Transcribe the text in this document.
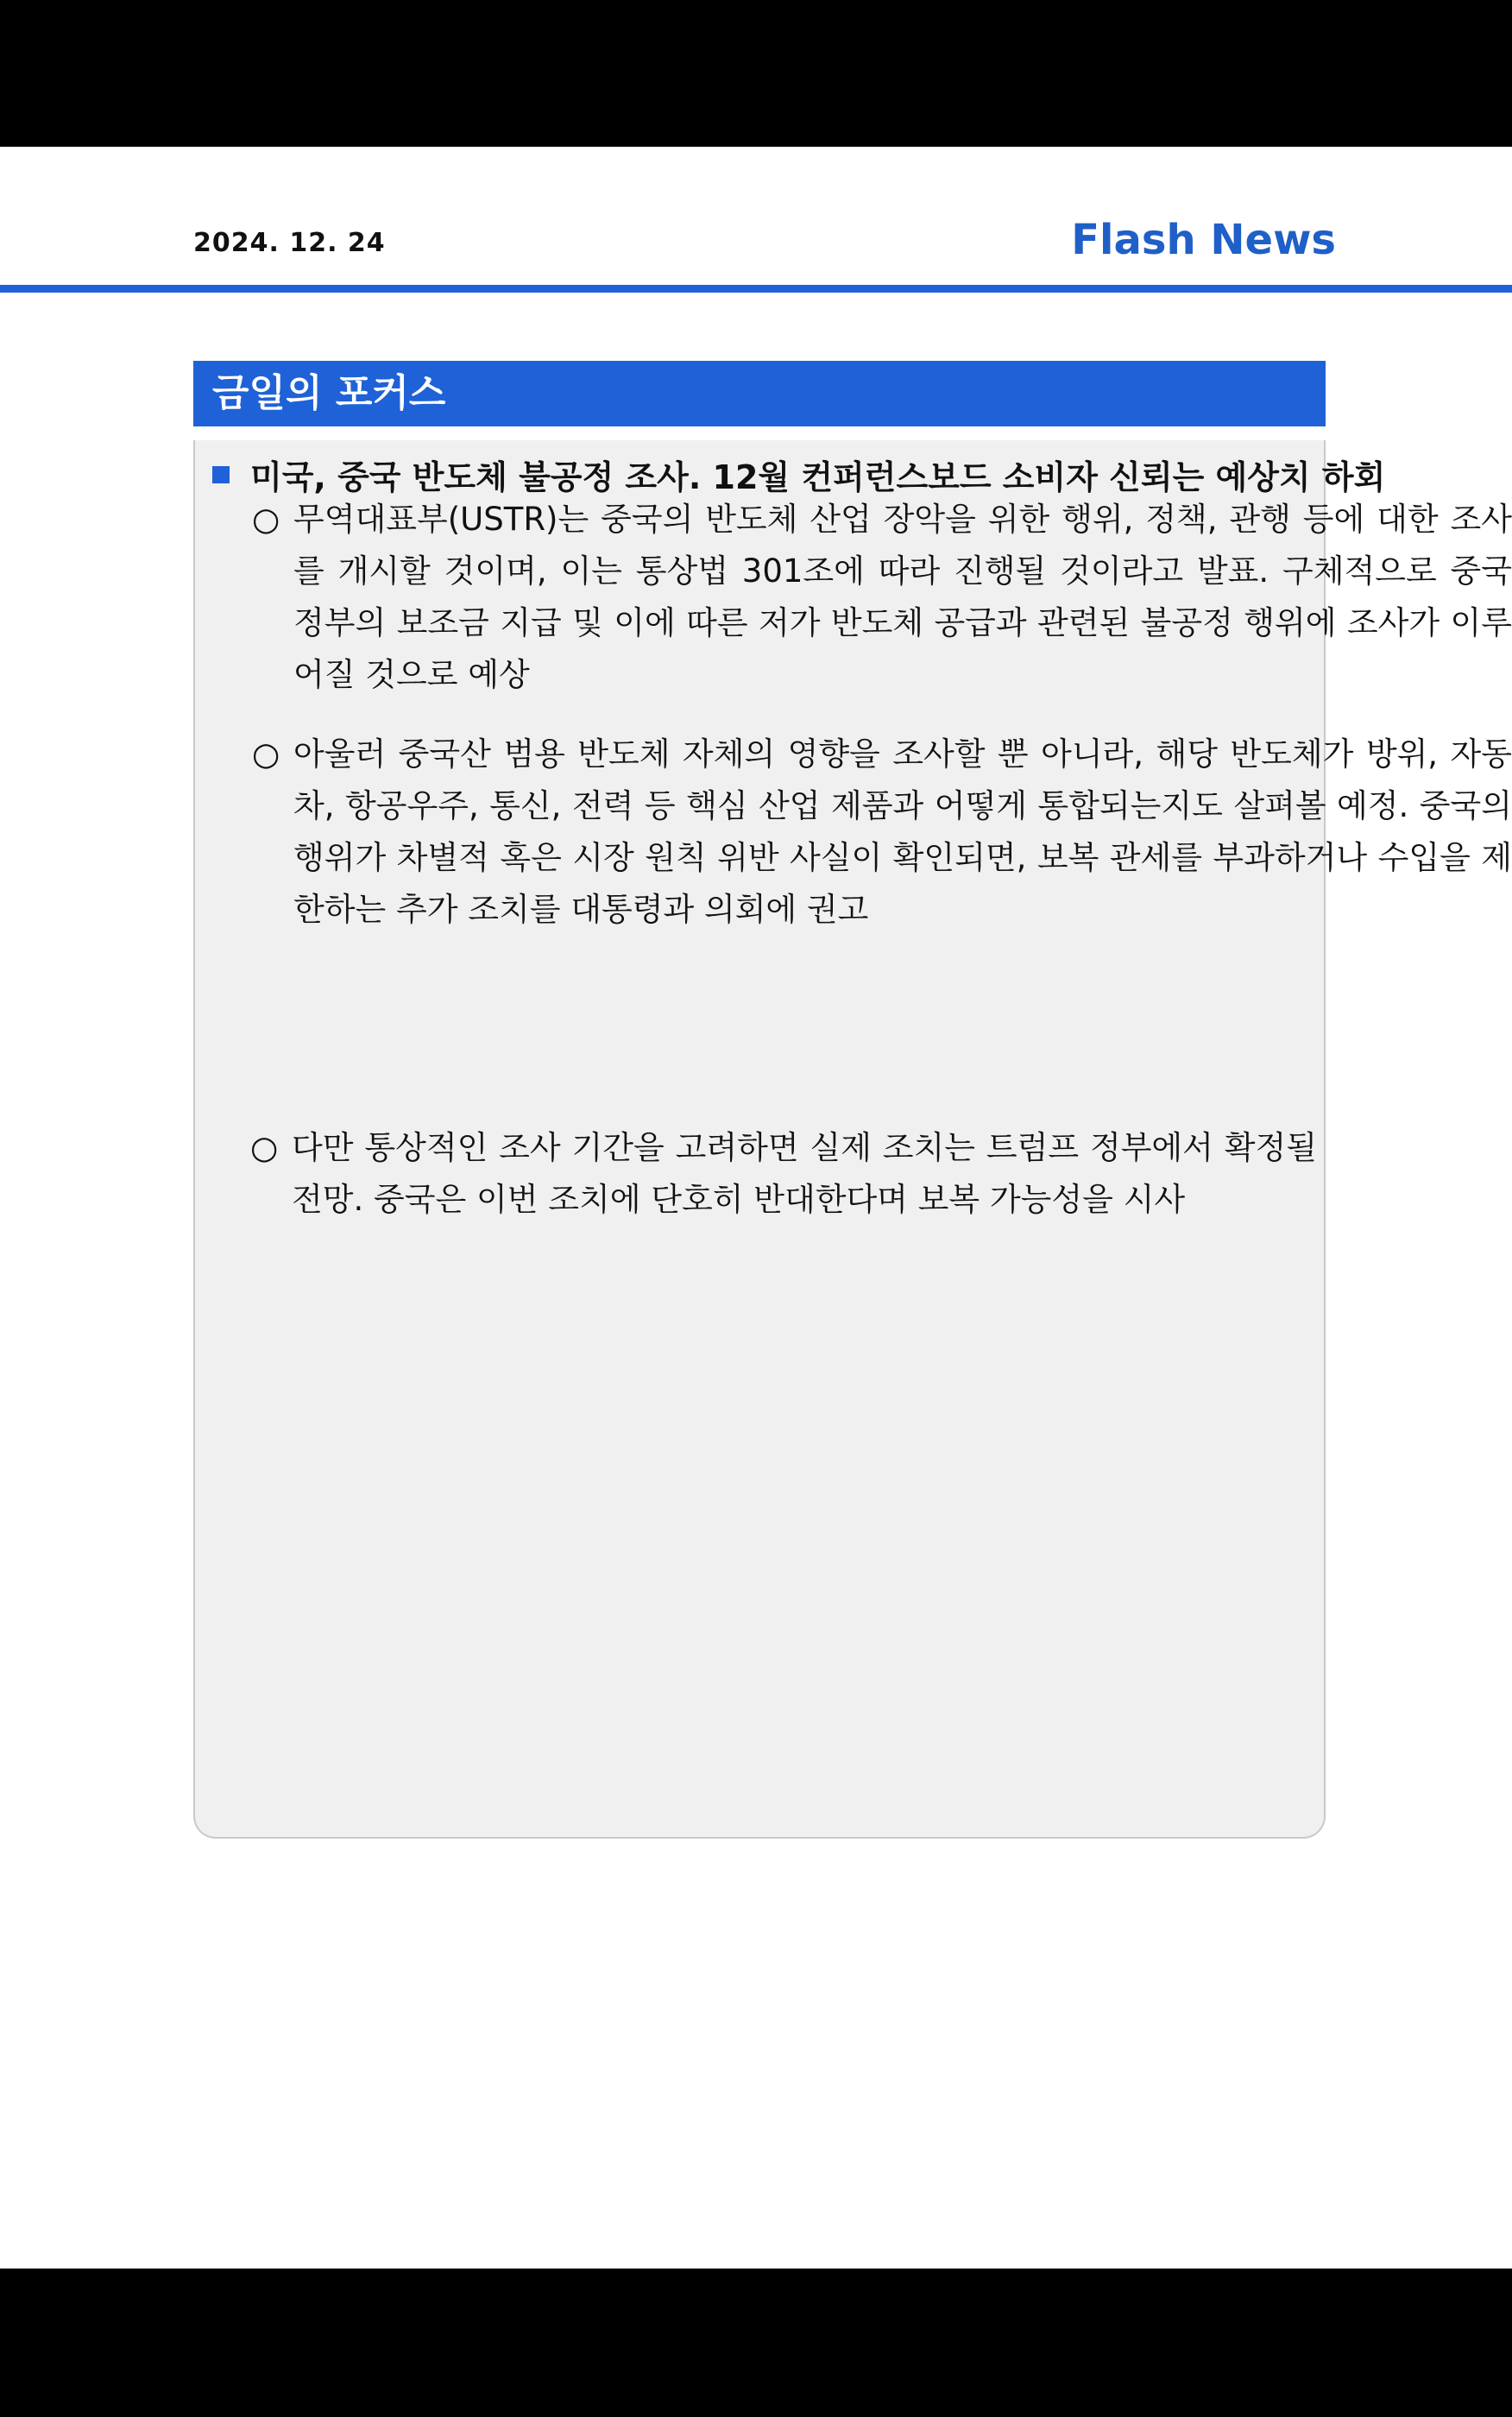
2024. 12. 24	Flash News
금일의 포커스
미국, 중국 반도체 불공정 조사. 12월 컨퍼런스보드 소비자 신뢰는 예상치 하회
○ 무역대표부(USTR)는 중국의 반도체 산업 장악을 위한 행위, 정책, 관행 등에 대한 조사를 개시할 것이며, 이는 통상법 301조에 따라 진행될 것이라고 발표. 구체적으로 중국 정부의 보조금 지급 및 이에 따른 저가 반도체 공급과 관련된 불공정 행위에 조사가 이루어질 것으로 예상
○ 아울러 중국산 범용 반도체 자체의 영향을 조사할 뿐 아니라, 해당 반도체가 방위, 자동차, 항공우주, 통신, 전력 등 핵심 산업 제품과 어떻게 통합되는지도 살펴볼 예정. 중국의 행위가 차별적 혹은 시장 원칙 위반 사실이 확인되면, 보복 관세를 부과하거나 수입을 제한하는 추가 조치를 대통령과 의회에 권고
○ 다만 통상적인 조사 기간을 고려하면 실제 조치는 트럼프 정부에서 확정될 전망. 중국은 이번 조치에 단호히 반대한다며 보복 가능성을 시사
